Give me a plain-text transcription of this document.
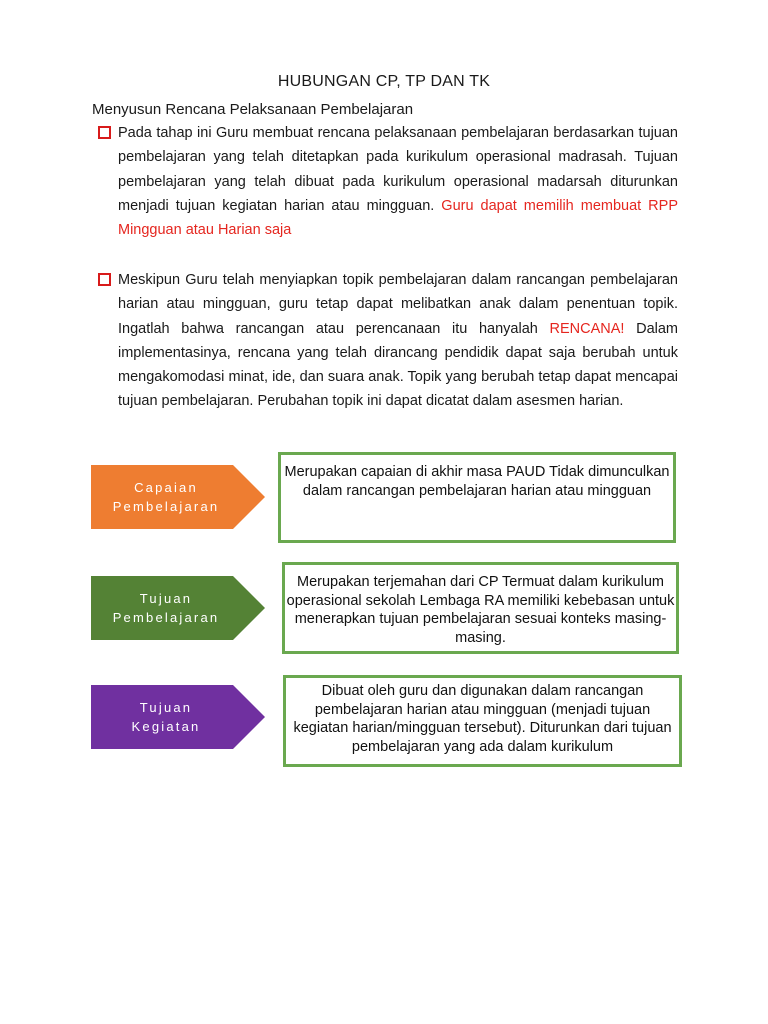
HUBUNGAN CP, TP DAN TK
Menyusun Rencana Pelaksanaan Pembelajaran

Pada tahap ini Guru membuat rencana pelaksanaan pembelajaran berdasarkan tujuan pembelajaran yang telah ditetapkan pada kurikulum operasional madrasah. Tujuan pembelajaran yang telah dibuat pada kurikulum operasional madarsah diturunkan menjadi tujuan kegiatan harian atau mingguan. Guru dapat memilih membuat RPP Mingguan atau Harian saja

Meskipun Guru telah menyiapkan topik pembelajaran dalam rancangan pembelajaran harian atau mingguan, guru tetap dapat melibatkan anak dalam penentuan topik. Ingatlah bahwa rancangan atau perencanaan itu hanyalah RENCANA! Dalam implementasinya, rencana yang telah dirancang pendidik dapat saja berubah untuk mengakomodasi minat, ide, dan suara anak. Topik yang berubah tetap dapat mencapai tujuan pembelajaran. Perubahan topik ini dapat dicatat dalam asesmen harian.

Capaian
Pembelajaran
Merupakan capaian di akhir masa PAUD Tidak dimunculkan dalam rancangan pembelajaran harian atau mingguan
Tujuan
Pembelajaran
Merupakan terjemahan dari CP Termuat dalam kurikulum operasional sekolah Lembaga RA memiliki kebebasan untuk menerapkan tujuan pembelajaran sesuai konteks masing-masing.
Tujuan
Kegiatan
Dibuat oleh guru dan digunakan dalam rancangan pembelajaran harian atau mingguan (menjadi tujuan kegiatan harian/mingguan tersebut). Diturunkan dari tujuan pembelajaran yang ada dalam kurikulum
